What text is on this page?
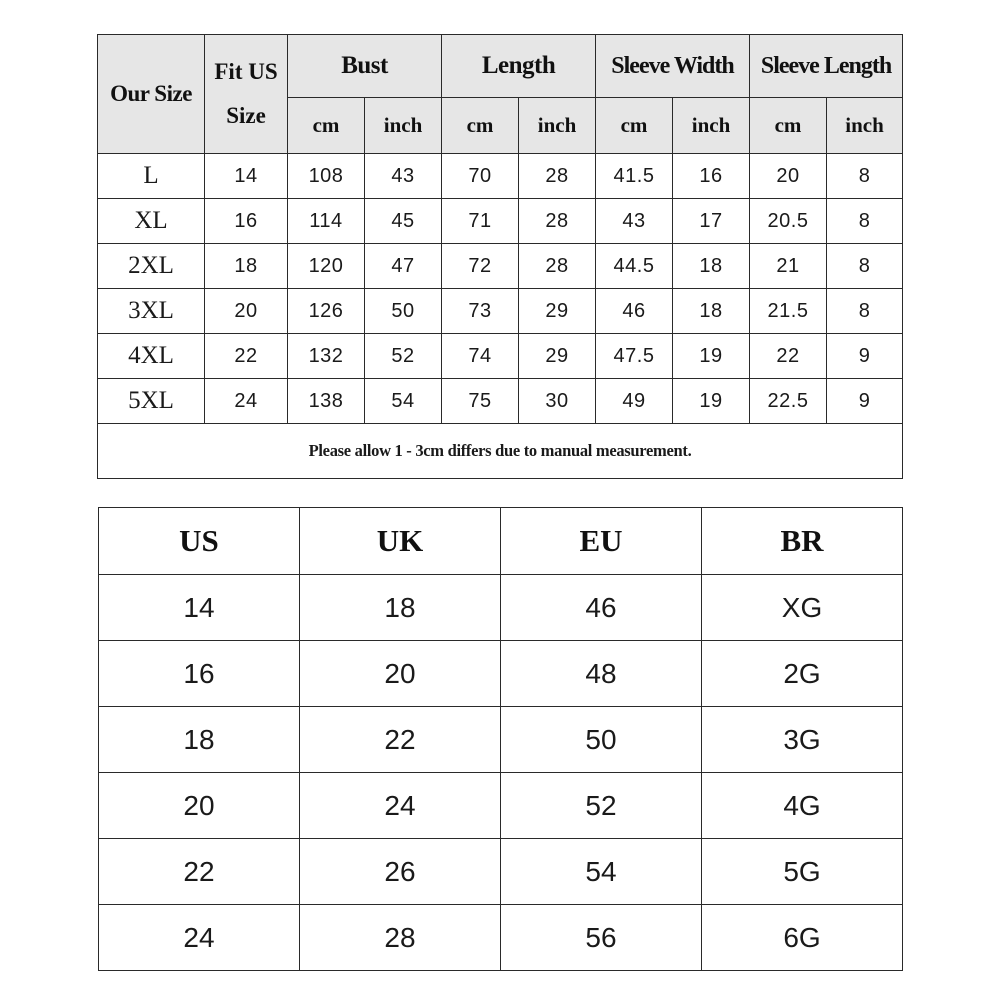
Our Size	Fit US Size	Bust		Length		Sleeve Width		Sleeve Length	
		cm	inch	cm	inch	cm	inch	cm	inch
L	14	108	43	70	28	41.5	16	20	8
XL	16	114	45	71	28	43	17	20.5	8
2XL	18	120	47	72	28	44.5	18	21	8
3XL	20	126	50	73	29	46	18	21.5	8
4XL	22	132	52	74	29	47.5	19	22	9
5XL	24	138	54	75	30	49	19	22.5	9
Please allow 1 - 3cm differs due to manual measurement.									
US	UK	EU	BR
14	18	46	XG
16	20	48	2G
18	22	50	3G
20	24	52	4G
22	26	54	5G
24	28	56	6G
